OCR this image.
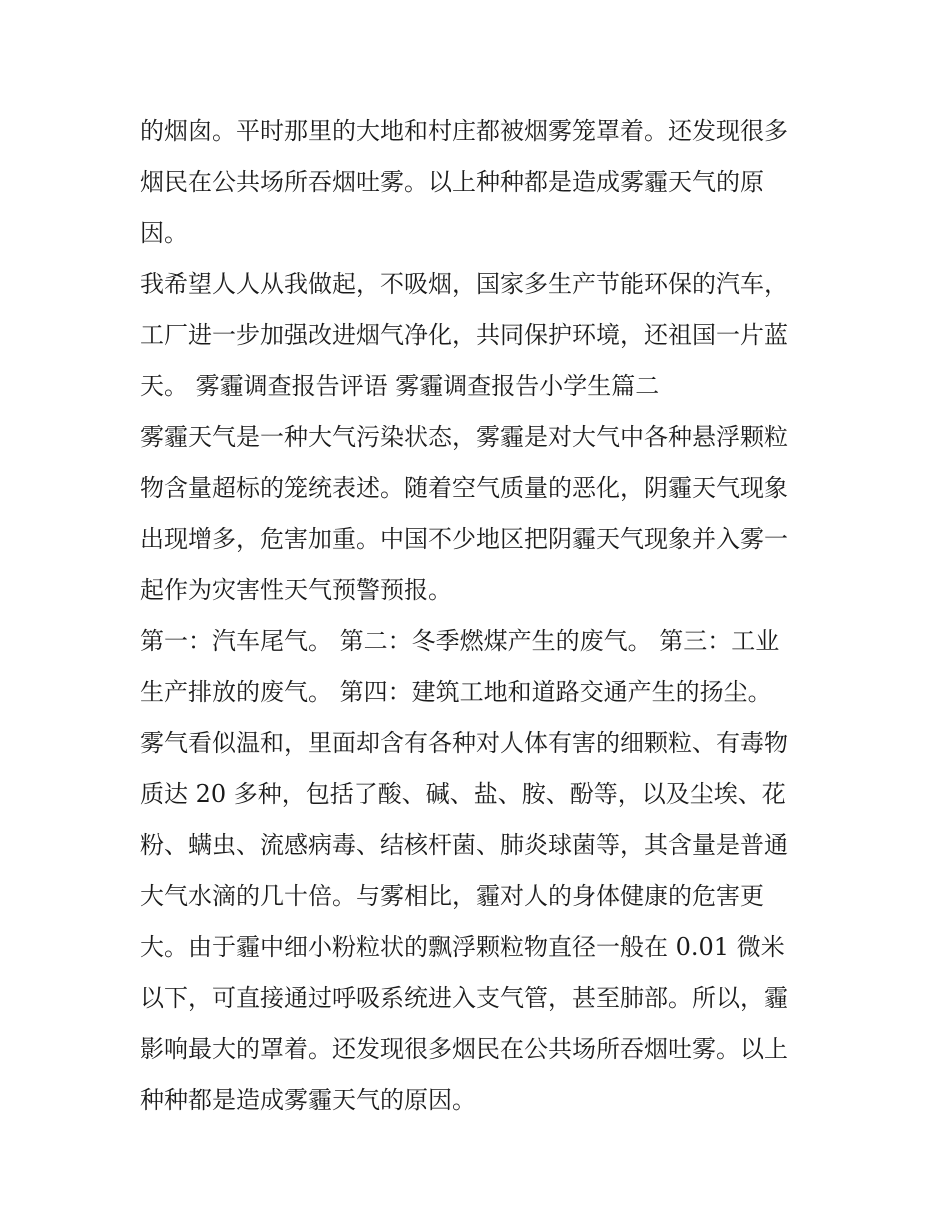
的烟囱。平时那里的大地和村庄都被烟雾笼罩着。还发现很多
烟民在公共场所吞烟吐雾。以上种种都是造成雾霾天气的原
因。
我希望人人从我做起，不吸烟，国家多生产节能环保的汽车，
工厂进一步加强改进烟气净化，共同保护环境，还祖国一片蓝
天。 雾霾调查报告评语 雾霾调查报告小学生篇二
雾霾天气是一种大气污染状态，雾霾是对大气中各种悬浮颗粒
物含量超标的笼统表述。随着空气质量的恶化，阴霾天气现象
出现增多，危害加重。中国不少地区把阴霾天气现象并入雾一
起作为灾害性天气预警预报。
第一：汽车尾气。 第二：冬季燃煤产生的废气。 第三：工业
生产排放的废气。 第四：建筑工地和道路交通产生的扬尘。
雾气看似温和，里面却含有各种对人体有害的细颗粒、有毒物
质达 20 多种，包括了酸、碱、盐、胺、酚等，以及尘埃、花
粉、螨虫、流感病毒、结核杆菌、肺炎球菌等，其含量是普通
大气水滴的几十倍。与雾相比，霾对人的身体健康的危害更
大。由于霾中细小粉粒状的飘浮颗粒物直径一般在 0.01 微米
以下，可直接通过呼吸系统进入支气管，甚至肺部。所以，霾
影响最大的罩着。还发现很多烟民在公共场所吞烟吐雾。以上
种种都是造成雾霾天气的原因。
